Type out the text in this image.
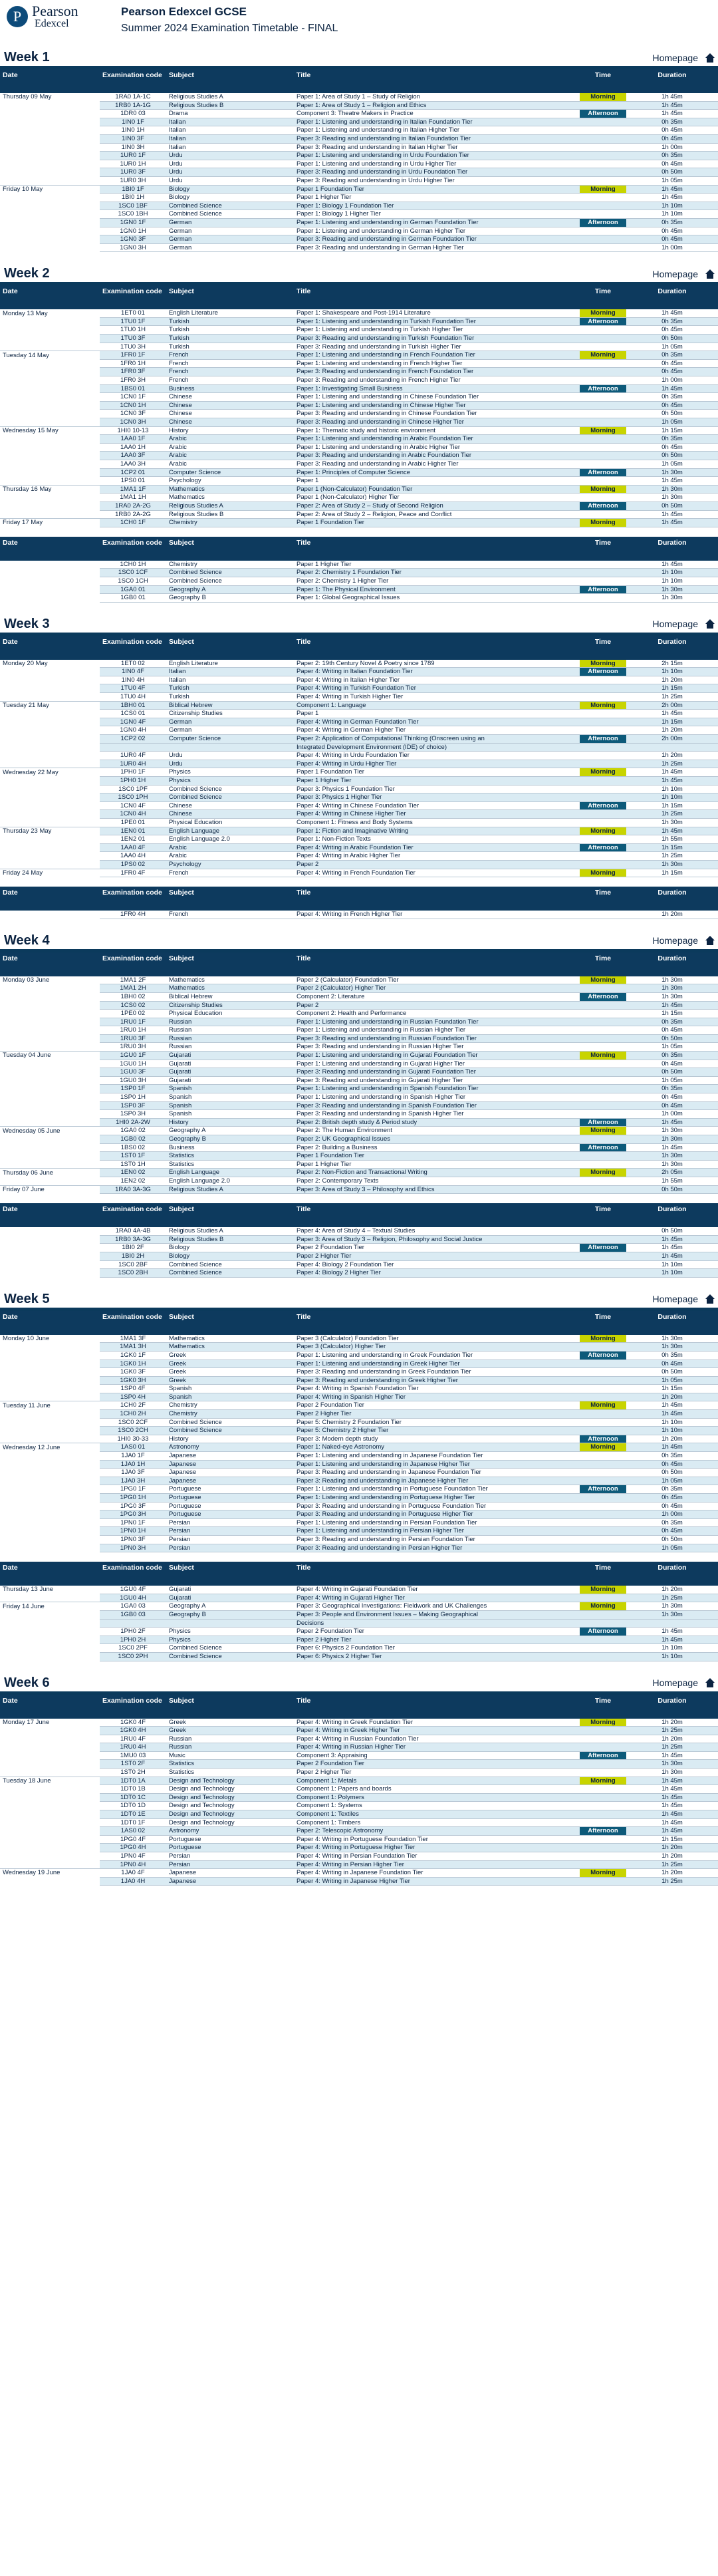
P Pearson
Edexcel
Pearson Edexcel GCSE
Summer 2024 Examination Timetable - FINAL
Week 1	Homepage
Date	Examination code	Subject	Title	Time	Duration
Thursday 09 May	1RA0 1A-1C	Religious Studies A	Paper 1: Area of Study 1 – Study of Religion	Morning	1h 45m
	1RB0 1A-1G	Religious Studies B	Paper 1: Area of Study 1 – Religion and Ethics		1h 45m
	1DR0 03	Drama	Component 3: Theatre Makers in Practice	Afternoon	1h 45m
	1IN0 1F	Italian	Paper 1: Listening and understanding in Italian Foundation Tier		0h 35m
	1IN0 1H	Italian	Paper 1: Listening and understanding in Italian Higher Tier		0h 45m
	1IN0 3F	Italian	Paper 3: Reading and understanding in Italian Foundation Tier		0h 45m
	1IN0 3H	Italian	Paper 3: Reading and understanding in Italian Higher Tier		1h 00m
	1UR0 1F	Urdu	Paper 1: Listening and understanding in Urdu Foundation Tier		0h 35m
	1UR0 1H	Urdu	Paper 1: Listening and understanding in Urdu Higher Tier		0h 45m
	1UR0 3F	Urdu	Paper 3: Reading and understanding in Urdu Foundation Tier		0h 50m
	1UR0 3H	Urdu	Paper 3: Reading and understanding in Urdu Higher Tier		1h 05m
Friday 10 May	1BI0 1F	Biology	Paper 1 Foundation Tier	Morning	1h 45m
	1BI0 1H	Biology	Paper 1 Higher Tier		1h 45m
	1SC0 1BF	Combined Science	Paper 1: Biology 1 Foundation Tier		1h 10m
	1SC0 1BH	Combined Science	Paper 1: Biology 1 Higher Tier		1h 10m
	1GN0 1F	German	Paper 1: Listening and understanding in German Foundation Tier	Afternoon	0h 35m
	1GN0 1H	German	Paper 1: Listening and understanding in German Higher Tier		0h 45m
	1GN0 3F	German	Paper 3: Reading and understanding in German Foundation Tier		0h 45m
	1GN0 3H	German	Paper 3: Reading and understanding in German Higher Tier		1h 00m
Week 2	Homepage
Date	Examination code	Subject	Title	Time	Duration
Monday 13 May	1ET0 01	English Literature	Paper 1: Shakespeare and Post-1914 Literature	Morning	1h 45m
	1TU0 1F	Turkish	Paper 1: Listening and understanding in Turkish Foundation Tier	Afternoon	0h 35m
	1TU0 1H	Turkish	Paper 1: Listening and understanding in Turkish Higher Tier		0h 45m
	1TU0 3F	Turkish	Paper 3: Reading and understanding in Turkish Foundation Tier		0h 50m
	1TU0 3H	Turkish	Paper 3: Reading and understanding in Turkish Higher Tier		1h 05m
Tuesday 14 May	1FR0 1F	French	Paper 1: Listening and understanding in French Foundation Tier	Morning	0h 35m
	1FR0 1H	French	Paper 1: Listening and understanding in French Higher Tier		0h 45m
	1FR0 3F	French	Paper 3: Reading and understanding in French Foundation Tier		0h 45m
	1FR0 3H	French	Paper 3: Reading and understanding in French Higher Tier		1h 00m
	1BS0 01	Business	Paper 1: Investigating Small Business	Afternoon	1h 45m
	1CN0 1F	Chinese	Paper 1: Listening and understanding in Chinese Foundation Tier		0h 35m
	1CN0 1H	Chinese	Paper 1: Listening and understanding in Chinese Higher Tier		0h 45m
	1CN0 3F	Chinese	Paper 3: Reading and understanding in Chinese Foundation Tier		0h 50m
	1CN0 3H	Chinese	Paper 3: Reading and understanding in Chinese Higher Tier		1h 05m
Wednesday 15 May	1HI0 10-13	History	Paper 1: Thematic study and historic environment	Morning	1h 15m
	1AA0 1F	Arabic	Paper 1: Listening and understanding in Arabic Foundation Tier		0h 35m
	1AA0 1H	Arabic	Paper 1: Listening and understanding in Arabic Higher Tier		0h 45m
	1AA0 3F	Arabic	Paper 3: Reading and understanding in Arabic Foundation Tier		0h 50m
	1AA0 3H	Arabic	Paper 3: Reading and understanding in Arabic Higher Tier		1h 05m
	1CP2 01	Computer Science	Paper 1: Principles of Computer Science	Afternoon	1h 30m
	1PS0 01	Psychology	Paper 1		1h 45m
Thursday 16 May	1MA1 1F	Mathematics	Paper 1 (Non-Calculator) Foundation Tier	Morning	1h 30m
	1MA1 1H	Mathematics	Paper 1 (Non-Calculator) Higher Tier		1h 30m
	1RA0 2A-2G	Religious Studies A	Paper 2: Area of Study 2 – Study of Second Religion	Afternoon	0h 50m
	1RB0 2A-2G	Religious Studies B	Paper 2: Area of Study 2 – Religion, Peace and Conflict		1h 45m
Friday 17 May	1CH0 1F	Chemistry	Paper 1 Foundation Tier	Morning	1h 45m
Date	Examination code	Subject	Title	Time	Duration
	1CH0 1H	Chemistry	Paper 1 Higher Tier		1h 45m
	1SC0 1CF	Combined Science	Paper 2: Chemistry 1 Foundation Tier		1h 10m
	1SC0 1CH	Combined Science	Paper 2: Chemistry 1 Higher Tier		1h 10m
	1GA0 01	Geography A	Paper 1: The Physical Environment	Afternoon	1h 30m
	1GB0 01	Geography B	Paper 1: Global Geographical Issues		1h 30m
Week 3	Homepage
Date	Examination code	Subject	Title	Time	Duration
Monday 20 May	1ET0 02	English Literature	Paper 2: 19th Century Novel & Poetry since 1789	Morning	2h 15m
	1IN0 4F	Italian	Paper 4: Writing in Italian Foundation Tier	Afternoon	1h 10m
	1IN0 4H	Italian	Paper 4: Writing in Italian Higher Tier		1h 20m
	1TU0 4F	Turkish	Paper 4: Writing in Turkish Foundation Tier		1h 15m
	1TU0 4H	Turkish	Paper 4: Writing in Turkish Higher Tier		1h 25m
Tuesday 21 May	1BH0 01	Biblical Hebrew	Component 1: Language	Morning	2h 00m
	1CS0 01	Citizenship Studies	Paper 1		1h 45m
	1GN0 4F	German	Paper 4: Writing in German Foundation Tier		1h 15m
	1GN0 4H	German	Paper 4: Writing in German Higher Tier		1h 20m
	1CP2 02	Computer Science	Paper 2: Application of Computational Thinking (Onscreen using an	Afternoon	2h 00m
			Integrated Development Environment (IDE) of choice)		
	1UR0 4F	Urdu	Paper 4: Writing in Urdu Foundation Tier		1h 20m
	1UR0 4H	Urdu	Paper 4: Writing in Urdu Higher Tier		1h 25m
Wednesday 22 May	1PH0 1F	Physics	Paper 1 Foundation Tier	Morning	1h 45m
	1PH0 1H	Physics	Paper 1 Higher Tier		1h 45m
	1SC0 1PF	Combined Science	Paper 3: Physics 1 Foundation Tier		1h 10m
	1SC0 1PH	Combined Science	Paper 3: Physics 1 Higher Tier		1h 10m
	1CN0 4F	Chinese	Paper 4: Writing in Chinese Foundation Tier	Afternoon	1h 15m
	1CN0 4H	Chinese	Paper 4: Writing in Chinese Higher Tier		1h 25m
	1PE0 01	Physical Education	Component 1: Fitness and Body Systems		1h 30m
Thursday 23 May	1EN0 01	English Language	Paper 1: Fiction and Imaginative Writing	Morning	1h 45m
	1EN2 01	English Language 2.0	Paper 1: Non-Fiction Texts		1h 55m
	1AA0 4F	Arabic	Paper 4: Writing in Arabic Foundation Tier	Afternoon	1h 15m
	1AA0 4H	Arabic	Paper 4: Writing in Arabic Higher Tier		1h 25m
	1PS0 02	Psychology	Paper 2		1h 30m
Friday 24 May	1FR0 4F	French	Paper 4: Writing in French Foundation Tier	Morning	1h 15m
Date	Examination code	Subject	Title	Time	Duration
	1FR0 4H	French	Paper 4: Writing in French Higher Tier		1h 20m
Week 4	Homepage
Date	Examination code	Subject	Title	Time	Duration
Monday 03 June	1MA1 2F	Mathematics	Paper 2 (Calculator) Foundation Tier	Morning	1h 30m
	1MA1 2H	Mathematics	Paper 2 (Calculator) Higher Tier		1h 30m
	1BH0 02	Biblical Hebrew	Component 2: Literature	Afternoon	1h 30m
	1CS0 02	Citizenship Studies	Paper 2		1h 45m
	1PE0 02	Physical Education	Component 2: Health and Performance		1h 15m
	1RU0 1F	Russian	Paper 1: Listening and understanding in Russian Foundation Tier		0h 35m
	1RU0 1H	Russian	Paper 1: Listening and understanding in Russian Higher Tier		0h 45m
	1RU0 3F	Russian	Paper 3: Reading and understanding in Russian Foundation Tier		0h 50m
	1RU0 3H	Russian	Paper 3: Reading and understanding in Russian Higher Tier		1h 05m
Tuesday 04 June	1GU0 1F	Gujarati	Paper 1: Listening and understanding in Gujarati Foundation Tier	Morning	0h 35m
	1GU0 1H	Gujarati	Paper 1: Listening and understanding in Gujarati Higher Tier		0h 45m
	1GU0 3F	Gujarati	Paper 3: Reading and understanding in Gujarati Foundation Tier		0h 50m
	1GU0 3H	Gujarati	Paper 3: Reading and understanding in Gujarati Higher Tier		1h 05m
	1SP0 1F	Spanish	Paper 1: Listening and understanding in Spanish Foundation Tier		0h 35m
	1SP0 1H	Spanish	Paper 1: Listening and understanding in Spanish Higher Tier		0h 45m
	1SP0 3F	Spanish	Paper 3: Reading and understanding in Spanish Foundation Tier		0h 45m
	1SP0 3H	Spanish	Paper 3: Reading and understanding in Spanish Higher Tier		1h 00m
	1HI0 2A-2W	History	Paper 2: British depth study & Period study	Afternoon	1h 45m
Wednesday 05 June	1GA0 02	Geography A	Paper 2: The Human Environment	Morning	1h 30m
	1GB0 02	Geography B	Paper 2: UK Geographical Issues		1h 30m
	1BS0 02	Business	Paper 2: Building a Business	Afternoon	1h 45m
	1ST0 1F	Statistics	Paper 1 Foundation Tier		1h 30m
	1ST0 1H	Statistics	Paper 1 Higher Tier		1h 30m
Thursday 06 June	1EN0 02	English Language	Paper 2: Non-Fiction and Transactional Writing	Morning	2h 05m
	1EN2 02	English Language 2.0	Paper 2: Contemporary Texts		1h 55m
Friday 07 June	1RA0 3A-3G	Religious Studies A	Paper 3: Area of Study 3 – Philosophy and Ethics		0h 50m
Date	Examination code	Subject	Title	Time	Duration
	1RA0 4A-4B	Religious Studies A	Paper 4: Area of Study 4 – Textual Studies		0h 50m
	1RB0 3A-3G	Religious Studies B	Paper 3: Area of Study 3 – Religion, Philosophy and Social Justice		1h 45m
	1BI0 2F	Biology	Paper 2 Foundation Tier	Afternoon	1h 45m
	1BI0 2H	Biology	Paper 2 Higher Tier		1h 45m
	1SC0 2BF	Combined Science	Paper 4: Biology 2 Foundation Tier		1h 10m
	1SC0 2BH	Combined Science	Paper 4: Biology 2 Higher Tier		1h 10m
Week 5	Homepage
Date	Examination code	Subject	Title	Time	Duration
Monday 10 June	1MA1 3F	Mathematics	Paper 3 (Calculator) Foundation Tier	Morning	1h 30m
	1MA1 3H	Mathematics	Paper 3 (Calculator) Higher Tier		1h 30m
	1GK0 1F	Greek	Paper 1: Listening and understanding in Greek Foundation Tier	Afternoon	0h 35m
	1GK0 1H	Greek	Paper 1: Listening and understanding in Greek Higher Tier		0h 45m
	1GK0 3F	Greek	Paper 3: Reading and understanding in Greek Foundation Tier		0h 50m
	1GK0 3H	Greek	Paper 3: Reading and understanding in Greek Higher Tier		1h 05m
	1SP0 4F	Spanish	Paper 4: Writing in Spanish Foundation Tier		1h 15m
	1SP0 4H	Spanish	Paper 4: Writing in Spanish Higher Tier		1h 20m
Tuesday 11 June	1CH0 2F	Chemistry	Paper 2 Foundation Tier	Morning	1h 45m
	1CH0 2H	Chemistry	Paper 2 Higher Tier		1h 45m
	1SC0 2CF	Combined Science	Paper 5: Chemistry 2 Foundation Tier		1h 10m
	1SC0 2CH	Combined Science	Paper 5: Chemistry 2 Higher Tier		1h 10m
	1HI0 30-33	History	Paper 3: Modern depth study	Afternoon	1h 20m
Wednesday 12 June	1AS0 01	Astronomy	Paper 1: Naked-eye Astronomy	Morning	1h 45m
	1JA0 1F	Japanese	Paper 1: Listening and understanding in Japanese Foundation Tier		0h 35m
	1JA0 1H	Japanese	Paper 1: Listening and understanding in Japanese Higher Tier		0h 45m
	1JA0 3F	Japanese	Paper 3: Reading and understanding in Japanese Foundation Tier		0h 50m
	1JA0 3H	Japanese	Paper 3: Reading and understanding in Japanese Higher Tier		1h 05m
	1PG0 1F	Portuguese	Paper 1: Listening and understanding in Portuguese Foundation Tier	Afternoon	0h 35m
	1PG0 1H	Portuguese	Paper 1: Listening and understanding in Portuguese Higher Tier		0h 45m
	1PG0 3F	Portuguese	Paper 3: Reading and understanding in Portuguese Foundation Tier		0h 45m
	1PG0 3H	Portuguese	Paper 3: Reading and understanding in Portuguese Higher Tier		1h 00m
	1PN0 1F	Persian	Paper 1: Listening and understanding in Persian Foundation Tier		0h 35m
	1PN0 1H	Persian	Paper 1: Listening and understanding in Persian Higher Tier		0h 45m
	1PN0 3F	Persian	Paper 3: Reading and understanding in Persian Foundation Tier		0h 50m
	1PN0 3H	Persian	Paper 3: Reading and understanding in Persian Higher Tier		1h 05m
Date	Examination code	Subject	Title	Time	Duration
Thursday 13 June	1GU0 4F	Gujarati	Paper 4: Writing in Gujarati Foundation Tier	Morning	1h 20m
	1GU0 4H	Gujarati	Paper 4: Writing in Gujarati Higher Tier		1h 25m
Friday 14 June	1GA0 03	Geography A	Paper 3: Geographical Investigations: Fieldwork and UK Challenges	Morning	1h 30m
	1GB0 03	Geography B	Paper 3: People and Environment Issues – Making Geographical		1h 30m
			Decisions		
	1PH0 2F	Physics	Paper 2 Foundation Tier	Afternoon	1h 45m
	1PH0 2H	Physics	Paper 2 Higher Tier		1h 45m
	1SC0 2PF	Combined Science	Paper 6: Physics 2 Foundation Tier		1h 10m
	1SC0 2PH	Combined Science	Paper 6: Physics 2 Higher Tier		1h 10m
Week 6	Homepage
Date	Examination code	Subject	Title	Time	Duration
Monday 17 June	1GK0 4F	Greek	Paper 4: Writing in Greek Foundation Tier	Morning	1h 20m
	1GK0 4H	Greek	Paper 4: Writing in Greek Higher Tier		1h 25m
	1RU0 4F	Russian	Paper 4: Writing in Russian Foundation Tier		1h 20m
	1RU0 4H	Russian	Paper 4: Writing in Russian Higher Tier		1h 25m
	1MU0 03	Music	Component 3: Appraising	Afternoon	1h 45m
	1ST0 2F	Statistics	Paper 2 Foundation Tier		1h 30m
	1ST0 2H	Statistics	Paper 2 Higher Tier		1h 30m
Tuesday 18 June	1DT0 1A	Design and Technology	Component 1: Metals	Morning	1h 45m
	1DT0 1B	Design and Technology	Component 1: Papers and boards		1h 45m
	1DT0 1C	Design and Technology	Component 1: Polymers		1h 45m
	1DT0 1D	Design and Technology	Component 1: Systems		1h 45m
	1DT0 1E	Design and Technology	Component 1: Textiles		1h 45m
	1DT0 1F	Design and Technology	Component 1: Timbers		1h 45m
	1AS0 02	Astronomy	Paper 2: Telescopic Astronomy	Afternoon	1h 45m
	1PG0 4F	Portuguese	Paper 4: Writing in Portuguese Foundation Tier		1h 15m
	1PG0 4H	Portuguese	Paper 4: Writing in Portuguese Higher Tier		1h 20m
	1PN0 4F	Persian	Paper 4: Writing in Persian Foundation Tier		1h 20m
	1PN0 4H	Persian	Paper 4: Writing in Persian Higher Tier		1h 25m
Wednesday 19 June	1JA0 4F	Japanese	Paper 4: Writing in Japanese Foundation Tier	Morning	1h 20m
	1JA0 4H	Japanese	Paper 4: Writing in Japanese Higher Tier		1h 25m
